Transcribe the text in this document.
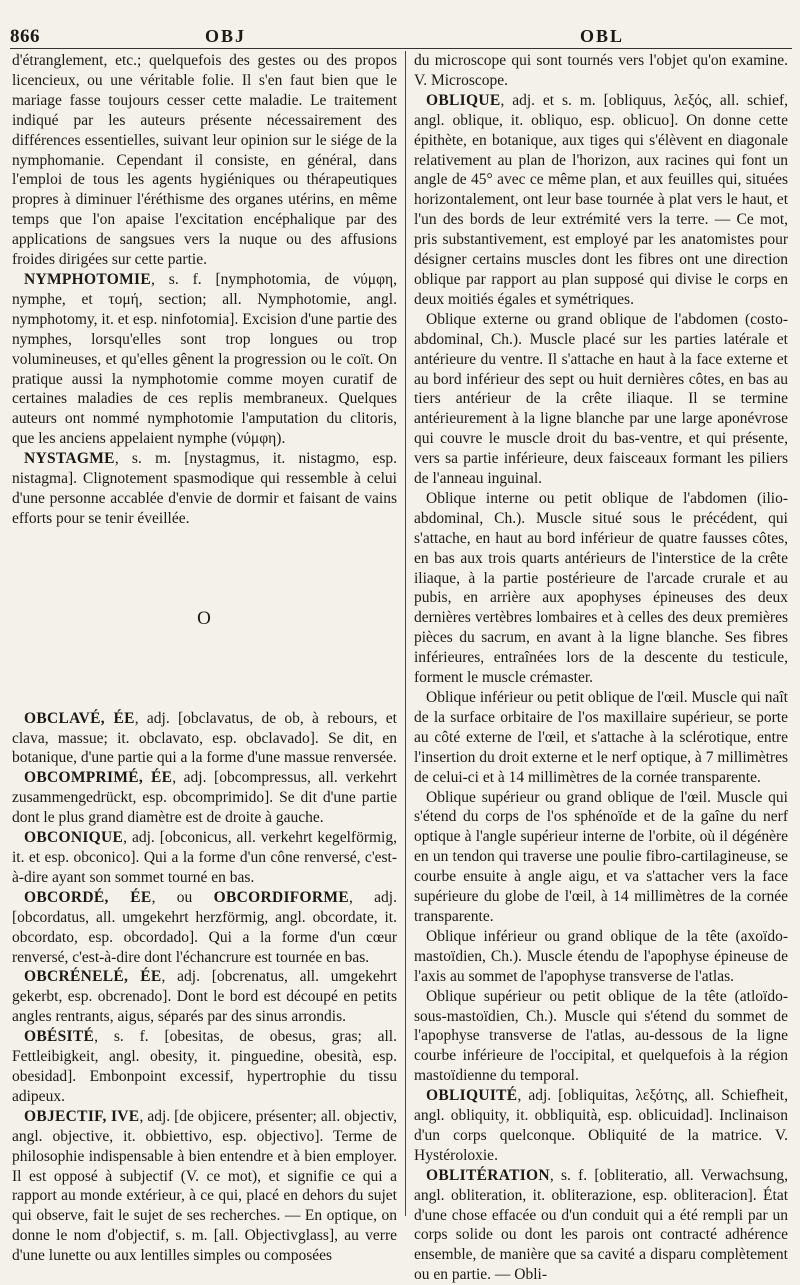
866	OBJ	OBL

d'étranglement, etc.; quelquefois des gestes ou des propos licencieux, ou une véritable folie. Il s'en faut bien que le mariage fasse toujours cesser cette maladie. Le traitement indiqué par les auteurs présente nécessairement des différences essentielles, suivant leur opinion sur le siége de la nymphomanie. Cependant il consiste, en général, dans l'emploi de tous les agents hygiéniques ou thérapeutiques propres à diminuer l'éréthisme des organes utérins, en même temps que l'on apaise l'excitation encéphalique par des applications de sangsues vers la nuque ou des affusions froides dirigées sur cette partie.

NYMPHOTOMIE, s. f. [nymphotomia, de νύμφη, nymphe, et τομή, section; all. Nymphotomie, angl. nymphotomy, it. et esp. ninfotomia]. Excision d'une partie des nymphes, lorsqu'elles sont trop longues ou trop volumineuses, et qu'elles gênent la progression ou le coït. On pratique aussi la nymphotomie comme moyen curatif de certaines maladies de ces replis membraneux. Quelques auteurs ont nommé nymphotomie l'amputation du clitoris, que les anciens appelaient nymphe (νύμφη).

NYSTAGME, s. m. [nystagmus, it. nistagmo, esp. nistagma]. Clignotement spasmodique qui ressemble à celui d'une personne accablée d'envie de dormir et faisant de vains efforts pour se tenir éveillée.

O

OBCLAVÉ, ÉE, adj. [obclavatus, de ob, à rebours, et clava, massue; it. obclavato, esp. obclavado]. Se dit, en botanique, d'une partie qui a la forme d'une massue renversée.

OBCOMPRIMÉ, ÉE, adj. [obcompressus, all. verkehrt zusammengedrückt, esp. obcomprimido]. Se dit d'une partie dont le plus grand diamètre est de droite à gauche.

OBCONIQUE, adj. [obconicus, all. verkehrt kegelförmig, it. et esp. obconico]. Qui a la forme d'un cône renversé, c'est-à-dire ayant son sommet tourné en bas.

OBCORDÉ, ÉE, ou OBCORDIFORME, adj. [obcordatus, all. umgekehrt herzförmig, angl. obcordate, it. obcordato, esp. obcordado]. Qui a la forme d'un cœur renversé, c'est-à-dire dont l'échancrure est tournée en bas.

OBCRÉNELÉ, ÉE, adj. [obcrenatus, all. umgekehrt gekerbt, esp. obcrenado]. Dont le bord est découpé en petits angles rentrants, aigus, séparés par des sinus arrondis.

OBÉSITÉ, s. f. [obesitas, de obesus, gras; all. Fettleibigkeit, angl. obesity, it. pinguedine, obesità, esp. obesidad]. Embonpoint excessif, hypertrophie du tissu adipeux.

OBJECTIF, IVE, adj. [de objicere, présenter; all. objectiv, angl. objective, it. obbiettivo, esp. objectivo]. Terme de philosophie indispensable à bien entendre et à bien employer. Il est opposé à subjectif (V. ce mot), et signifie ce qui a rapport au monde extérieur, à ce qui, placé en dehors du sujet qui observe, fait le sujet de ses recherches. — En optique, on donne le nom d'objectif, s. m. [all. Objectivglass], au verre d'une lunette ou aux lentilles simples ou composées

du microscope qui sont tournés vers l'objet qu'on examine. V. Microscope.

OBLIQUE, adj. et s. m. [obliquus, λεξός, all. schief, angl. oblique, it. obliquo, esp. oblicuo]. On donne cette épithète, en botanique, aux tiges qui s'élèvent en diagonale relativement au plan de l'horizon, aux racines qui font un angle de 45° avec ce même plan, et aux feuilles qui, situées horizontalement, ont leur base tournée à plat vers le haut, et l'un des bords de leur extrémité vers la terre. — Ce mot, pris substantivement, est employé par les anatomistes pour désigner certains muscles dont les fibres ont une direction oblique par rapport au plan supposé qui divise le corps en deux moitiés égales et symétriques.

Oblique externe ou grand oblique de l'abdomen (costo-abdominal, Ch.). Muscle placé sur les parties latérale et antérieure du ventre. Il s'attache en haut à la face externe et au bord inférieur des sept ou huit dernières côtes, en bas au tiers antérieur de la crête iliaque. Il se termine antérieurement à la ligne blanche par une large aponévrose qui couvre le muscle droit du bas-ventre, et qui présente, vers sa partie inférieure, deux faisceaux formant les piliers de l'anneau inguinal.

Oblique interne ou petit oblique de l'abdomen (ilio-abdominal, Ch.). Muscle situé sous le précédent, qui s'attache, en haut au bord inférieur de quatre fausses côtes, en bas aux trois quarts antérieurs de l'interstice de la crête iliaque, à la partie postérieure de l'arcade crurale et au pubis, en arrière aux apophyses épineuses des deux dernières vertèbres lombaires et à celles des deux premières pièces du sacrum, en avant à la ligne blanche. Ses fibres inférieures, entraînées lors de la descente du testicule, forment le muscle crémaster.

Oblique inférieur ou petit oblique de l'œil. Muscle qui naît de la surface orbitaire de l'os maxillaire supérieur, se porte au côté externe de l'œil, et s'attache à la sclérotique, entre l'insertion du droit externe et le nerf optique, à 7 millimètres de celui-ci et à 14 millimètres de la cornée transparente.

Oblique supérieur ou grand oblique de l'œil. Muscle qui s'étend du corps de l'os sphénoïde et de la gaîne du nerf optique à l'angle supérieur interne de l'orbite, où il dégénère en un tendon qui traverse une poulie fibro-cartilagineuse, se courbe ensuite à angle aigu, et va s'attacher vers la face supérieure du globe de l'œil, à 14 millimètres de la cornée transparente.

Oblique inférieur ou grand oblique de la tête (axoïdo-mastoïdien, Ch.). Muscle étendu de l'apophyse épineuse de l'axis au sommet de l'apophyse transverse de l'atlas.

Oblique supérieur ou petit oblique de la tête (atloïdo-sous-mastoïdien, Ch.). Muscle qui s'étend du sommet de l'apophyse transverse de l'atlas, au-dessous de la ligne courbe inférieure de l'occipital, et quelquefois à la région mastoïdienne du temporal.

OBLIQUITÉ, adj. [obliquitas, λεξότης, all. Schiefheit, angl. obliquity, it. obbliquità, esp. oblicuidad]. Inclinaison d'un corps quelconque. Obliquité de la matrice. V. Hystéroloxie.

OBLITÉRATION, s. f. [obliteratio, all. Verwachsung, angl. obliteration, it. obliterazione, esp. obliteracion]. État d'une chose effacée ou d'un conduit qui a été rempli par un corps solide ou dont les parois ont contracté adhérence ensemble, de manière que sa cavité a disparu complètement ou en partie. — Obli-
